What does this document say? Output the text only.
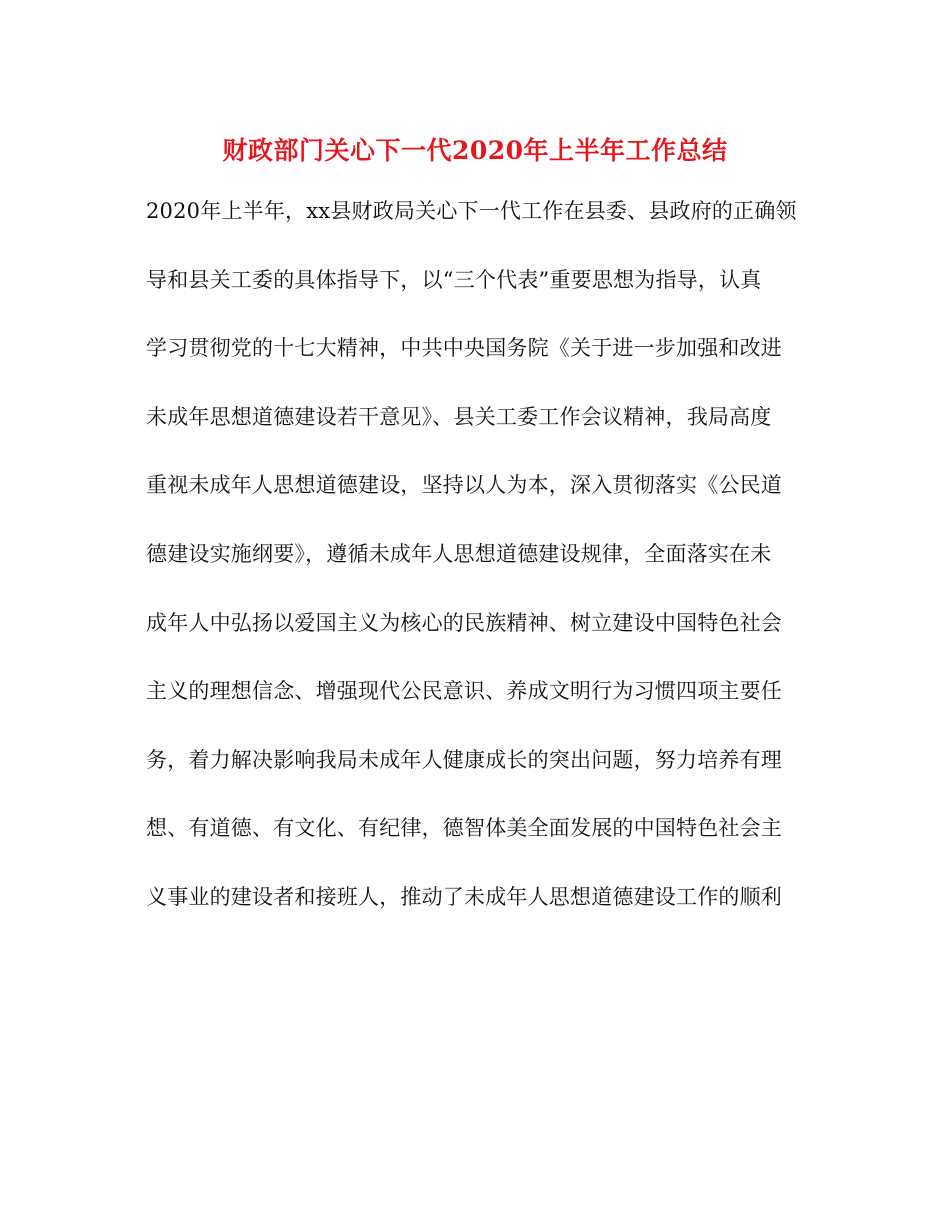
财政部门关心下一代2020年上半年工作总结
2020年上半年，xx县财政局关心下一代工作在县委、县政府的正确领
导和县关工委的具体指导下，以“三个代表”重要思想为指导，认真
学习贯彻党的十七大精神，中共中央国务院《关于进一步加强和改进
未成年思想道德建设若干意见》、县关工委工作会议精神，我局高度
重视未成年人思想道德建设，坚持以人为本，深入贯彻落实《公民道
德建设实施纲要》，遵循未成年人思想道德建设规律，全面落实在未
成年人中弘扬以爱国主义为核心的民族精神、树立建设中国特色社会
主义的理想信念、增强现代公民意识、养成文明行为习惯四项主要任
务，着力解决影响我局未成年人健康成长的突出问题，努力培养有理
想、有道德、有文化、有纪律，德智体美全面发展的中国特色社会主
义事业的建设者和接班人，推动了未成年人思想道德建设工作的顺利
